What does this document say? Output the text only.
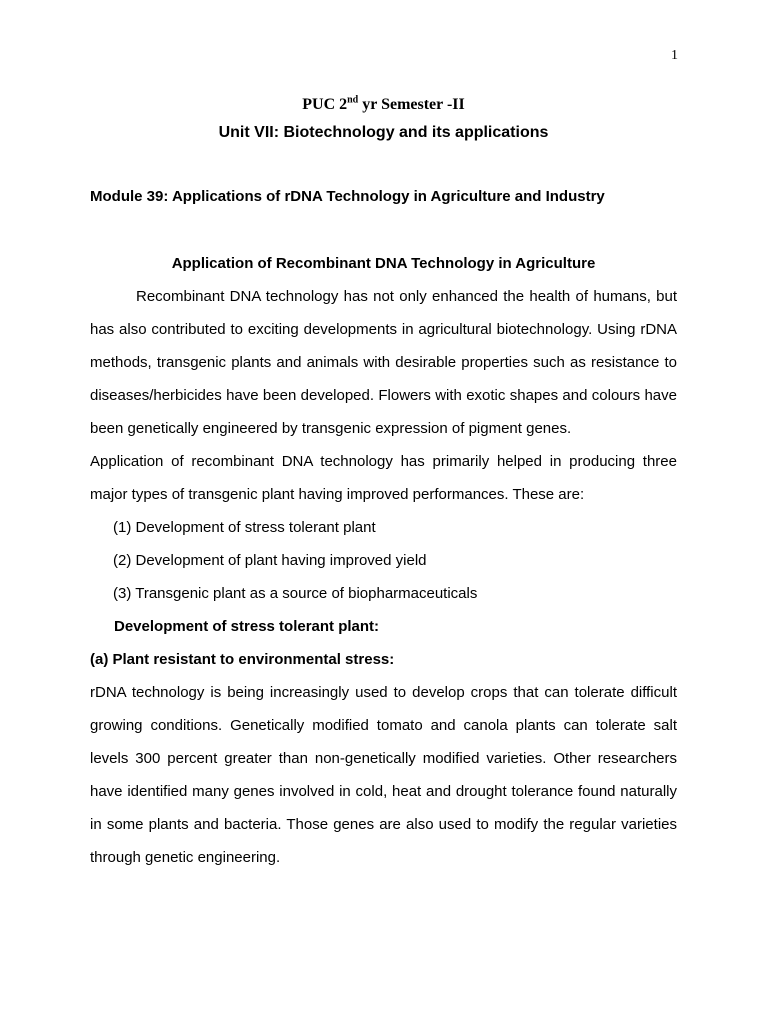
1
PUC 2nd yr Semester -II
Unit VII: Biotechnology and its applications
Module 39: Applications of rDNA Technology in Agriculture and Industry
Application of Recombinant DNA Technology in Agriculture

Recombinant DNA technology has not only enhanced the health of humans, but has also contributed to exciting developments in agricultural biotechnology. Using rDNA methods, transgenic plants and animals with desirable properties such as resistance to diseases/herbicides have been developed. Flowers with exotic shapes and colours have been genetically engineered by transgenic expression of pigment genes.

Application of recombinant DNA technology has primarily helped in producing three major types of transgenic plant having improved performances. These are:

(1) Development of stress tolerant plant

(2) Development of plant having improved yield

(3) Transgenic plant as a source of biopharmaceuticals

Development of stress tolerant plant:

(a) Plant resistant to environmental stress:

rDNA technology is being increasingly used to develop crops that can tolerate difficult growing conditions. Genetically modified tomato and canola plants can tolerate salt levels 300 percent greater than non-genetically modified varieties. Other researchers have identified many genes involved in cold, heat and drought tolerance found naturally in some plants and bacteria. Those genes are also used to modify the regular varieties through genetic engineering.
